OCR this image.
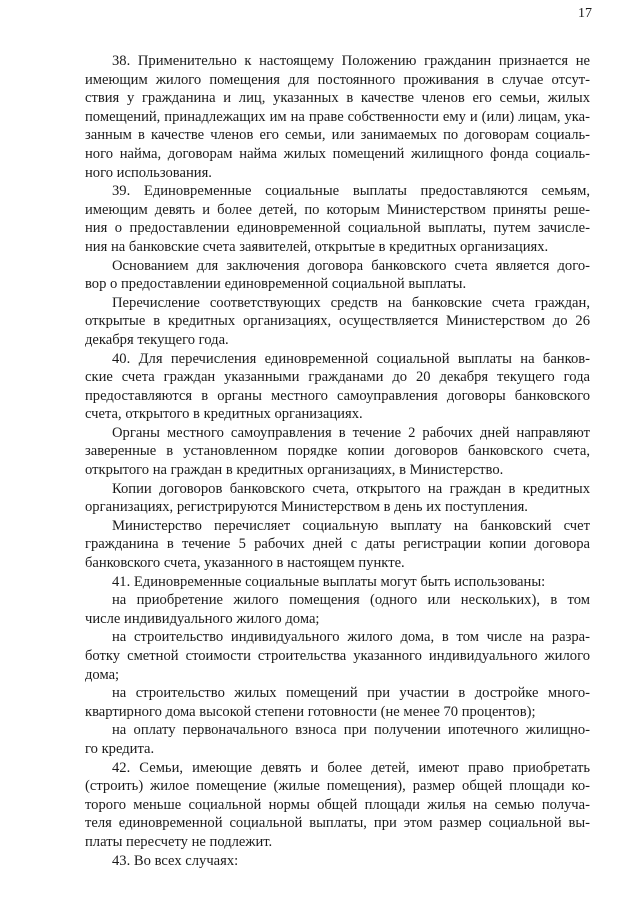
17
38. Применительно к настоящему Положению гражданин признается не
имеющим жилого помещения для постоянного проживания в случае отсут-
ствия у гражданина и лиц, указанных в качестве членов его семьи, жилых
помещений, принадлежащих им на праве собственности ему и (или) лицам, ука-
занным в качестве членов его семьи, или занимаемых по договорам социаль-
ного найма, договорам найма жилых помещений жилищного фонда социаль-
ного использования.
39. Единовременные социальные выплаты предоставляются семьям,
имеющим девять и более детей, по которым Министерством приняты реше-
ния о предоставлении единовременной социальной выплаты, путем зачисле-
ния на банковские счета заявителей, открытые в кредитных организациях.
Основанием для заключения договора банковского счета является дого-
вор о предоставлении единовременной социальной выплаты.
Перечисление соответствующих средств на банковские счета граждан,
открытые в кредитных организациях, осуществляется Министерством до 26
декабря текущего года.
40. Для перечисления единовременной социальной выплаты на банков-
ские счета граждан указанными гражданами до 20 декабря текущего года
предоставляются в органы местного самоуправления договоры банковского
счета, открытого в кредитных организациях.
Органы местного самоуправления в течение 2 рабочих дней направляют
заверенные в установленном порядке копии договоров банковского счета,
открытого на граждан в кредитных организациях, в Министерство.
Копии договоров банковского счета, открытого на граждан в кредитных
организациях, регистрируются Министерством в день их поступления.
Министерство перечисляет социальную выплату на банковский счет
гражданина в течение 5 рабочих дней с даты регистрации копии договора
банковского счета, указанного в настоящем пункте.
41. Единовременные социальные выплаты могут быть использованы:
на приобретение жилого помещения (одного или нескольких), в том
числе индивидуального жилого дома;
на строительство индивидуального жилого дома, в том числе на разра-
ботку сметной стоимости строительства указанного индивидуального жилого
дома;
на строительство жилых помещений при участии в достройке много-
квартирного дома высокой степени готовности (не менее 70 процентов);
на оплату первоначального взноса при получении ипотечного жилищно-
го кредита.
42. Семьи, имеющие девять и более детей, имеют право приобретать
(строить) жилое помещение (жилые помещения), размер общей площади ко-
торого меньше социальной нормы общей площади жилья на семью получа-
теля единовременной социальной выплаты, при этом размер социальной вы-
платы пересчету не подлежит.
43. Во всех случаях:
